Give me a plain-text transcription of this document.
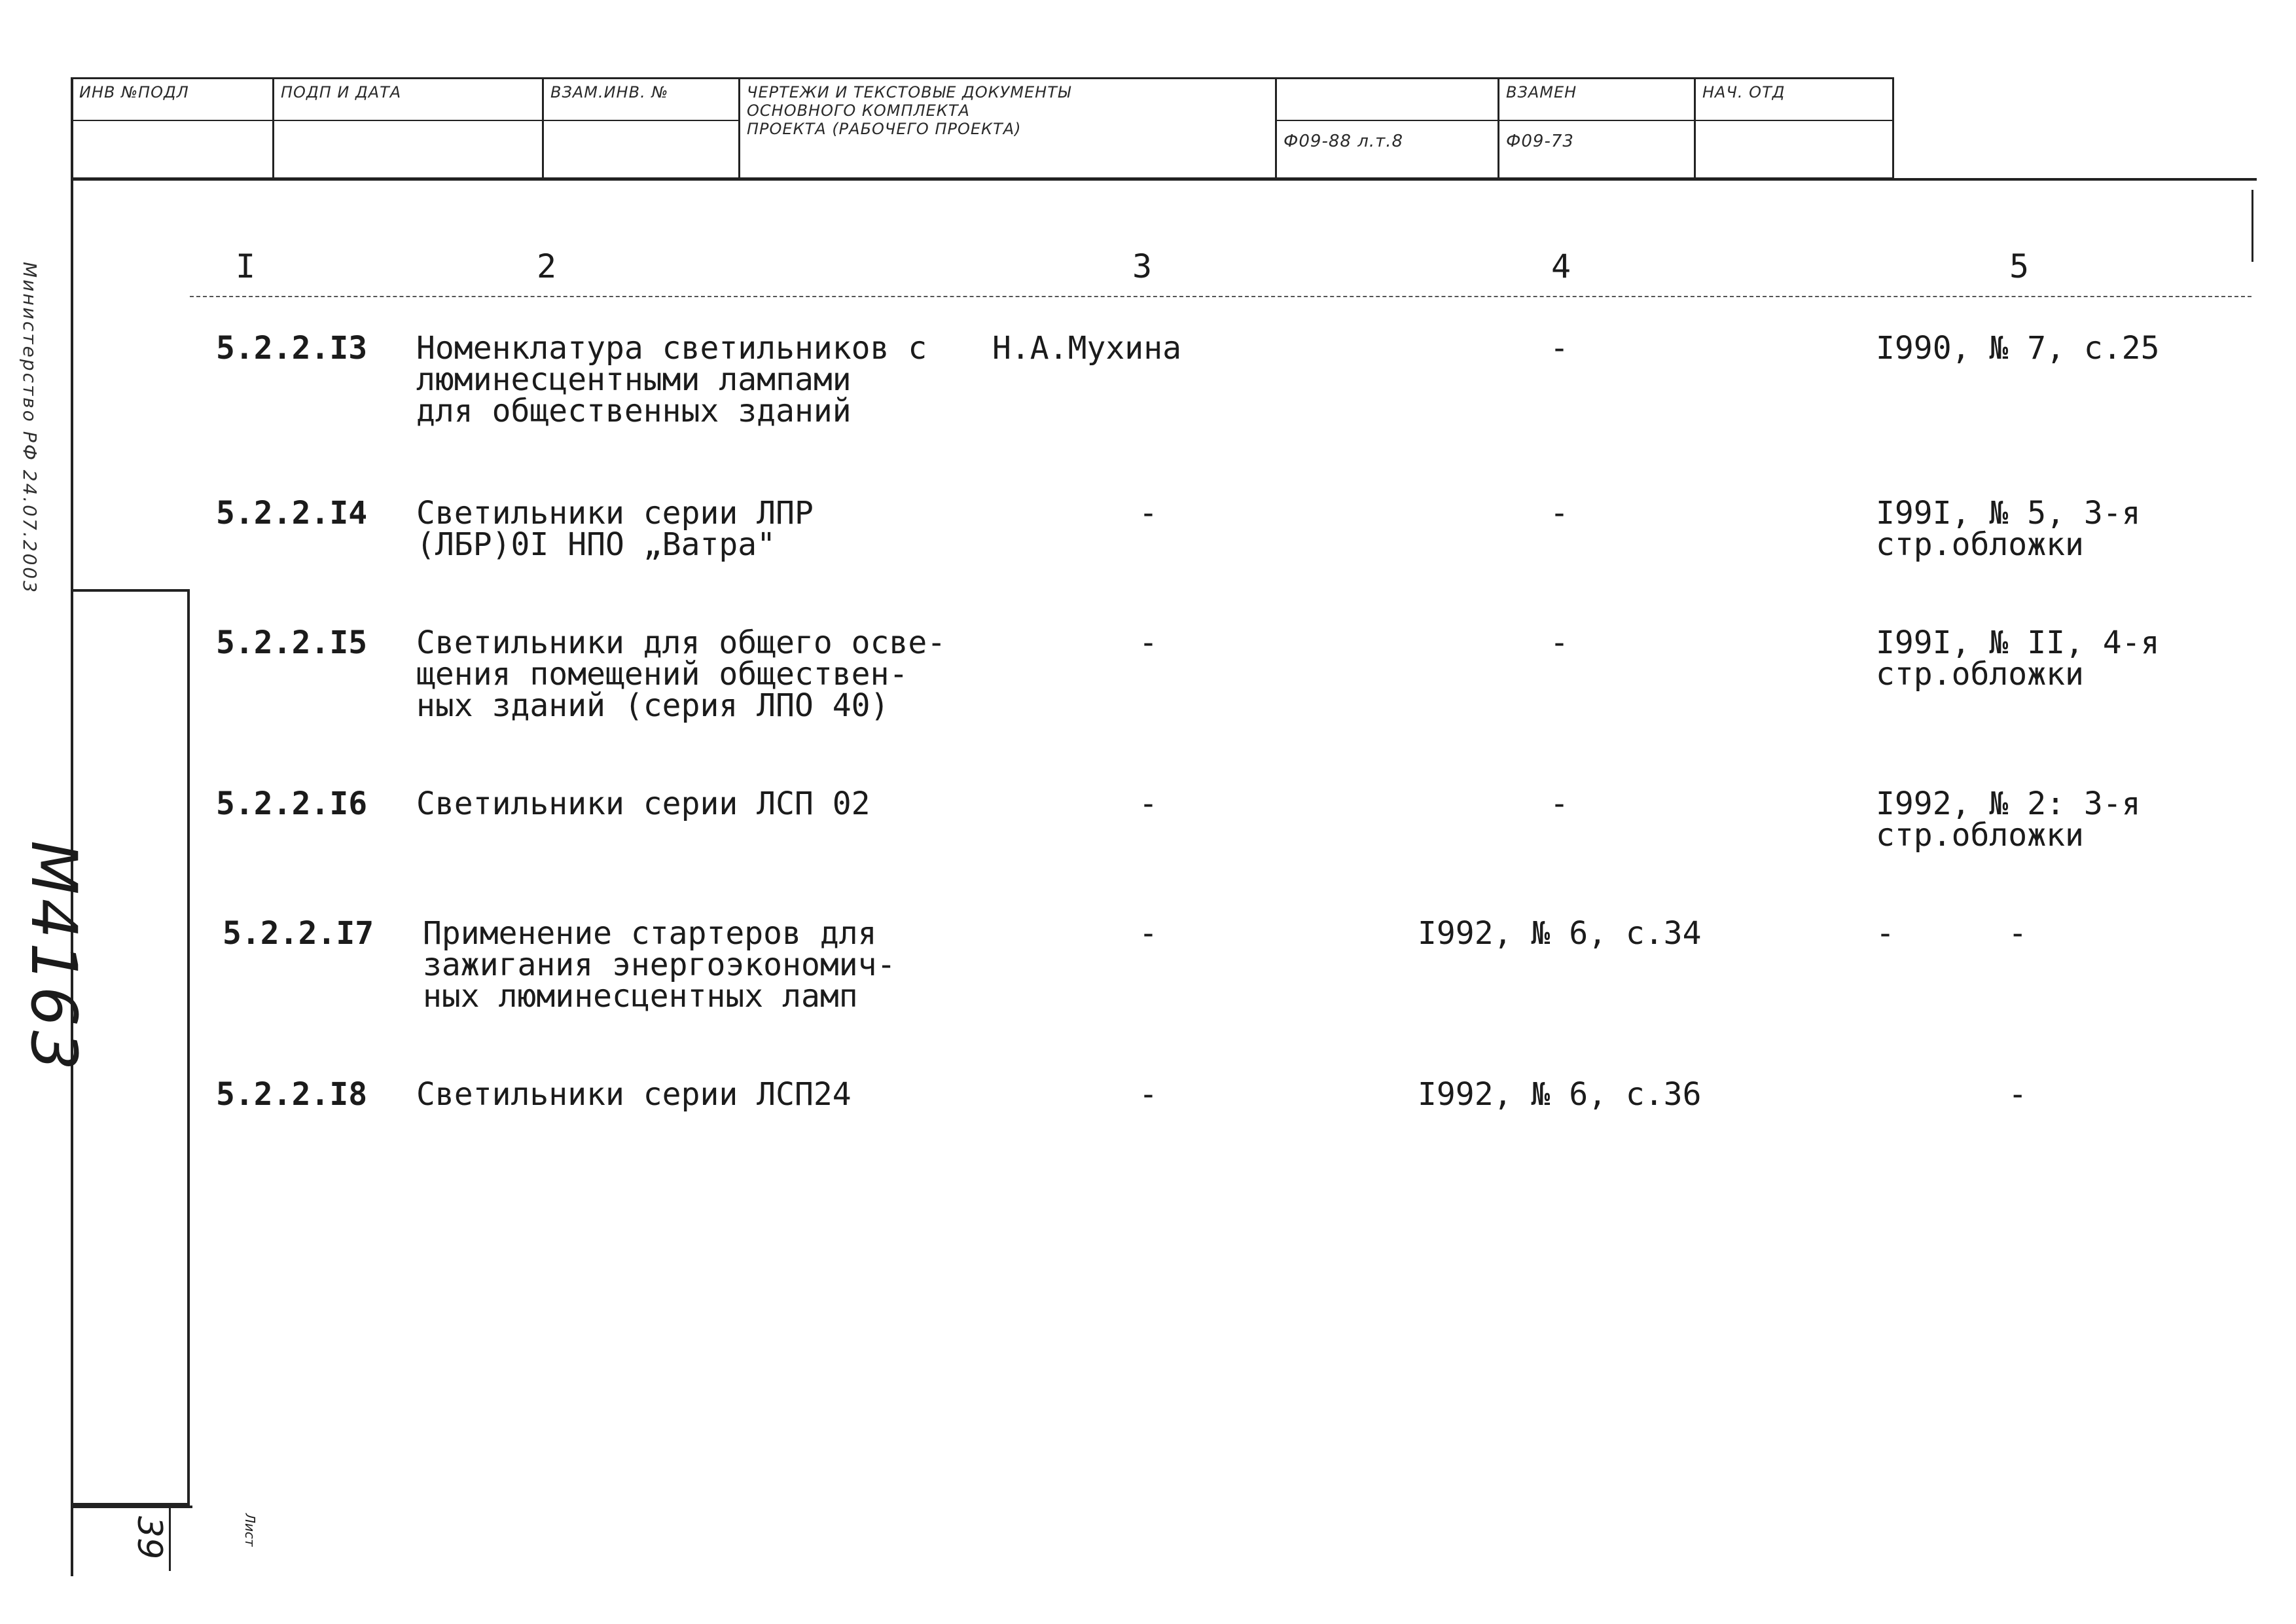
ИНВ №ПОДЛ	ПОДП И ДАТА	ВЗАМ.ИНВ. №	ЧЕРТЕЖИ И ТЕКСТОВЫЕ ДОКУМЕНТЫ
ОСНОВНОГО КОМПЛЕКТА
ПРОЕКТА (РАБОЧЕГО ПРОЕКТА)
Ф09-88 л.т.8
ВЗАМЕН
Ф09-73
НАЧ. ОТД
Министерство РФ 24.07.2003
М4163
39	Лист
I	2	3	4	5
5.2.2.I3 Номенклатура светильников с
люминесцентными лампами
для общественных зданий
Н.А.Мухина	-	I990, № 7, с.25
5.2.2.I4 Светильники серии ЛПР
(ЛБР)0I НПО „Ватра"
-	-	I99I, № 5, 3-я
стр.обложки
5.2.2.I5 Светильники для общего осве-
щения помещений обществен-
ных зданий (серия ЛПО 40)
-	-	I99I, № II, 4-я
стр.обложки
5.2.2.I6 Светильники серии ЛСП 02	-	-	I992, № 2: 3-я
стр.обложки
5.2.2.I7 Применение стартеров для
зажигания энергоэкономич-
ных люминесцентных ламп
-	I992, № 6, с.34	-      -
5.2.2.I8 Светильники серии ЛСП24	-	I992, № 6, с.36	-
